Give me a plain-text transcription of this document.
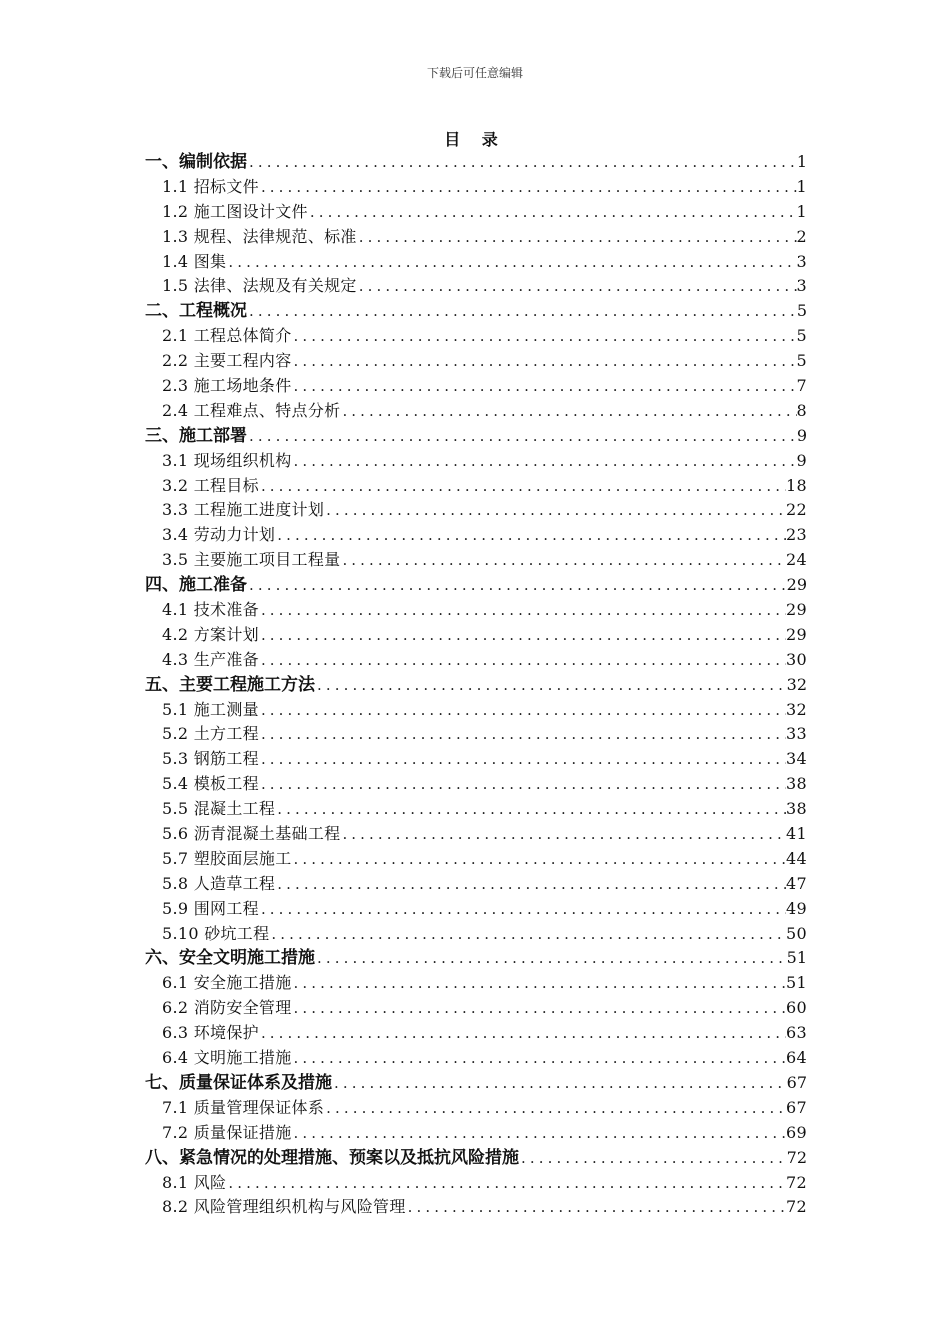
下载后可任意编辑
目 录
一、编制依据 .....	1
1.1 招标文件 .....	1
1.2 施工图设计文件 .....	1
1.3 规程、法律规范、标准 .....	2
1.4 图集 .....	3
1.5 法律、法规及有关规定 .....	3
二、工程概况 .....	5
2.1 工程总体简介 .....	5
2.2 主要工程内容 .....	5
2.3 施工场地条件 .....	7
2.4 工程难点、特点分析 .....	8
三、施工部署 .....	9
3.1 现场组织机构 .....	9
3.2 工程目标 .....	18
3.3 工程施工进度计划 .....	22
3.4 劳动力计划 .....	23
3.5 主要施工项目工程量 .....	24
四、施工准备 .....	29
4.1 技术准备 .....	29
4.2 方案计划 .....	29
4.3 生产准备 .....	30
五、主要工程施工方法 .....	32
5.1 施工测量 .....	32
5.2 土方工程 .....	33
5.3 钢筋工程 .....	34
5.4 模板工程 .....	38
5.5 混凝土工程 .....	38
5.6 沥青混凝土基础工程 .....	41
5.7 塑胶面层施工 .....	44
5.8 人造草工程 .....	47
5.9 围网工程 .....	49
5.10 砂坑工程 .....	50
六、安全文明施工措施 .....	51
6.1 安全施工措施 .....	51
6.2 消防安全管理 .....	60
6.3 环境保护 .....	63
6.4 文明施工措施 .....	64
七、质量保证体系及措施 .....	67
7.1 质量管理保证体系 .....	67
7.2 质量保证措施 .....	69
八、紧急情况的处理措施、预案以及抵抗风险措施 .....	72
8.1 风险 .....	72
8.2 风险管理组织机构与风险管理 .....	72
